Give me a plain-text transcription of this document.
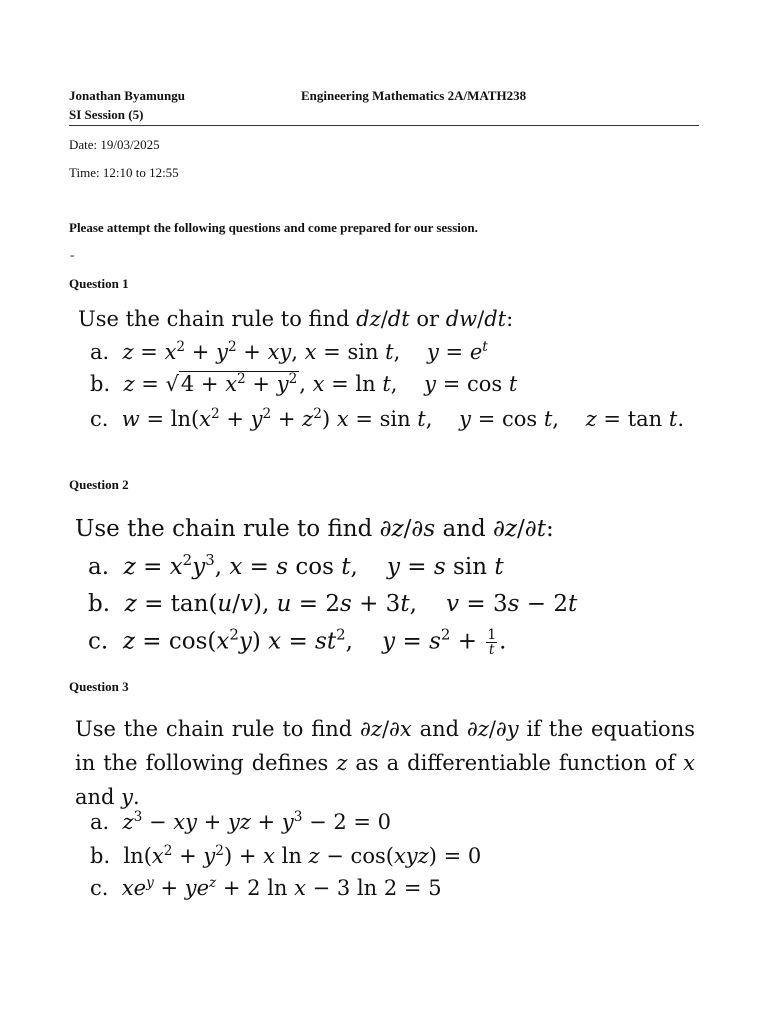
Jonathan Byamungu	Engineering Mathematics 2A/MATH238
SI Session (5)
Date: 19/03/2025
Time: 12:10 to 12:55
Please attempt the following questions and come prepared for our session.
-
Question 1
Use the chain rule to find dz/dt or dw/dt:
a.  $z = x^2 + y^2$ + xy, x = sin t,    $y = e^t$
b.  $z = √4 + x^2 + y^2$, x = ln t,    y = cos t
c.  $w = \ln(x^2 + y^2 + z^2) x = \sin t$,    y = cos t,    z = tan t.
Question 2
Use the chain rule to find ∂z/∂s and ∂z/∂t:
a.  $z = x^2y^3$, x = s cos t,    y = s sin t
b.  z = tan(u/v), u = 2s + 3t,    v = 3s − 2t
c.  $z = \cos(x^2y) x = st^2$,    $y = s^2 + \frac{1}{t}$ .
Question 3
Use the chain rule to find ∂z/∂x and ∂z/∂y if the equations in the following defines z as a differentiable function of x and y.
a.  $z^3$ − xy + yz + $y^3 - 2 = 0$
b.  $\ln(x^2 + y^2) + x$ ln z − cos(xyz) = 0
c.  $xe^y + ye^z + 2$ ln x − 3 ln 2 = 5
